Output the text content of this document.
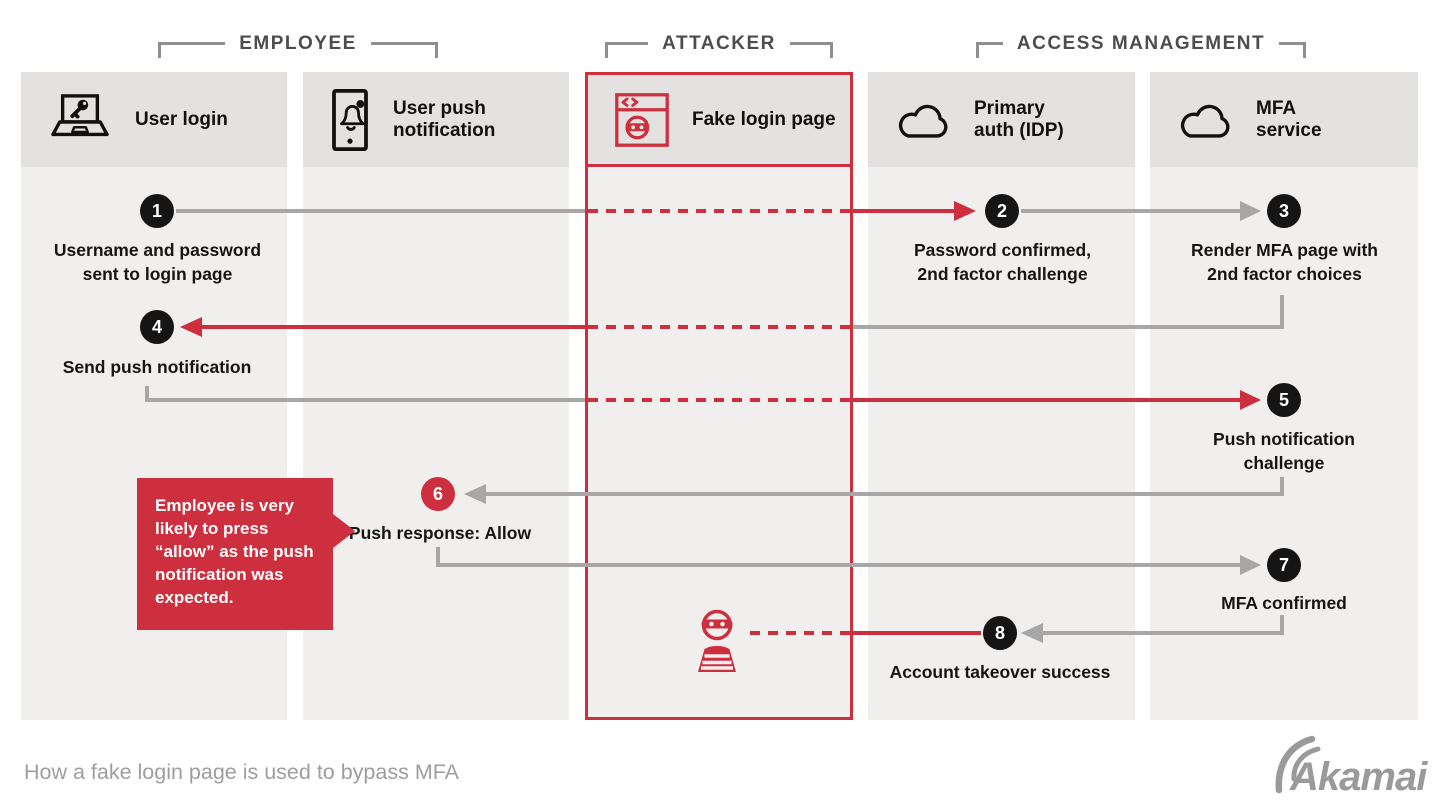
EMPLOYEE	ATTACKER	ACCESS MANAGEMENT
User login
User push notification
Fake login page
Primary auth (IDP)
MFA service
1	2	3
4
5
6
7
8
Username and password sent to login page
Password confirmed, 2nd factor challenge
Render MFA page with 2nd factor choices
Send push notification
Push notification challenge
Push response: Allow
MFA confirmed
Account takeover success
Employee is very likely to press “allow” as the push notification was expected.
How a fake login page is used to bypass MFA	Akamai
